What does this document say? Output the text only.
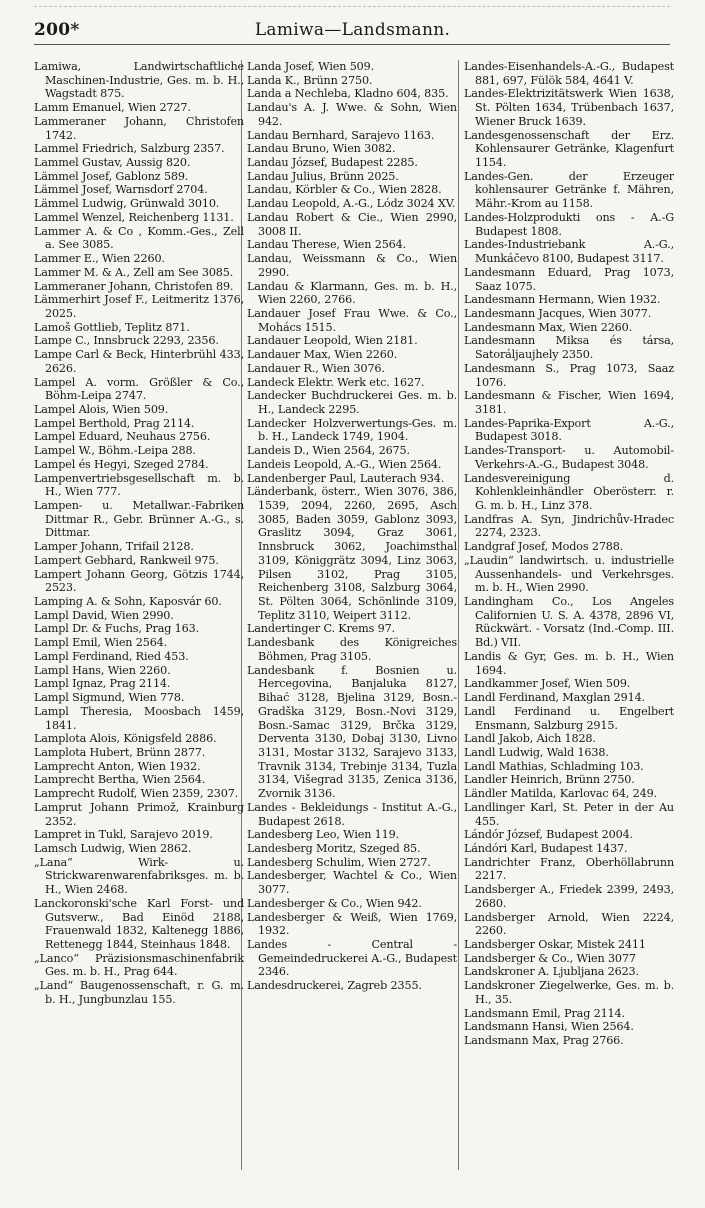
200*	Lamiwa—Landsmann.

Lamiwa, Landwirtschaftliche Maschinen-Industrie, Ges. m. b. H., Wagstadt 875.

Lamm Emanuel, Wien 2727.

Lammeraner Johann, Christofen 1742.

Lammel Friedrich, Salzburg 2357.

Lammel Gustav, Aussig 820.

Lämmel Josef, Gablonz 589.

Lämmel Josef, Warnsdorf 2704.

Lämmel Ludwig, Grünwald 3010.

Lammel Wenzel, Reichenberg 1131.

Lammer A. & Co , Komm.-Ges., Zell a. See 3085.

Lammer E., Wien 2260.

Lammer M. & A., Zell am See 3085.

Lammeraner Johann, Christofen 89.

Lämmerhirt Josef F., Leitmeritz 1376, 2025.

Lamoš Gottlieb, Teplitz 871.

Lampe C., Innsbruck 2293, 2356.

Lampe Carl & Beck, Hinterbrühl 433, 2626.

Lampel A. vorm. Größler & Co., Böhm-Leipa 2747.

Lampel Alois, Wien 509.

Lampel Berthold, Prag 2114.

Lampel Eduard, Neuhaus 2756.

Lampel W., Böhm.-Leipa 288.

Lampel és Hegyi, Szeged 2784.

Lampenvertriebsgesellschaft m. b. H., Wien 777.

Lampen- u. Metallwar.-Fabriken Dittmar R., Gebr. Brünner A.-G., s. Dittmar.

Lamper Johann, Trifail 2128.

Lampert Gebhard, Rankweil 975.

Lampert Johann Georg, Götzis 1744, 2523.

Lamping A. & Sohn, Kaposvár 60.

Lampl David, Wien 2990.

Lampl Dr. & Fuchs, Prag 163.

Lampl Emil, Wien 2564.

Lampl Ferdinand, Ried 453.

Lampl Hans, Wien 2260.

Lampl Ignaz, Prag 2114.

Lampl Sigmund, Wien 778.

Lampl Theresia, Moosbach 1459, 1841.

Lamplota Alois, Königsfeld 2886.

Lamplota Hubert, Brünn 2877.

Lamprecht Anton, Wien 1932.

Lamprecht Bertha, Wien 2564.

Lamprecht Rudolf, Wien 2359, 2307.

Lamprut Johann Primož, Krainburg 2352.

Lampret in Tukl, Sarajevo 2019.

Lamsch Ludwig, Wien 2862.

„Lana“ Wirk- u. Strickwarenwarenfabriksges. m. b. H., Wien 2468.

Lanckoronski'sche Karl Forst- und Gutsverw., Bad Einöd 2188, Frauenwald 1832, Kaltenegg 1886, Rettenegg 1844, Steinhaus 1848.

„Lanco“ Präzisionsmaschinenfabrik Ges. m. b. H., Prag 644.

„Land“ Baugenossenschaft, r. G. m. b. H., Jungbunzlau 155.

Landa Josef, Wien 509.

Landa K., Brünn 2750.

Landa a Nechleba, Kladno 604, 835.

Landau's A. J. Wwe. & Sohn, Wien 942.

Landau Bernhard, Sarajevo 1163.

Landau Bruno, Wien 3082.

Landau József, Budapest 2285.

Landau Julius, Brünn 2025.

Landau, Körbler & Co., Wien 2828.

Landau Leopold, A.-G., Lódz 3024 XV.

Landau Robert & Cie., Wien 2990, 3008 II.

Landau Therese, Wien 2564.

Landau, Weissmann & Co., Wien 2990.

Landau & Klarmann, Ges. m. b. H., Wien 2260, 2766.

Landauer Josef Frau Wwe. & Co., Mohács 1515.

Landauer Leopold, Wien 2181.

Landauer Max, Wien 2260.

Landauer R., Wien 3076.

Landeck Elektr. Werk etc. 1627.

Landecker Buchdruckerei Ges. m. b. H., Landeck 2295.

Landecker Holzverwertungs-Ges. m. b. H., Landeck 1749, 1904.

Landeis D., Wien 2564, 2675.

Landeis Leopold, A.-G., Wien 2564.

Landenberger Paul, Lauterach 934.

Länderbank, österr., Wien 3076, 386, 1539, 2094, 2260, 2695, Asch 3085, Baden 3059, Gablonz 3093, Graslitz 3094, Graz 3061, Innsbruck 3062, Joachimsthal 3109, Königgrätz 3094, Linz 3063, Pilsen 3102, Prag 3105, Reichenberg 3108, Salzburg 3064, St. Pölten 3064, Schönlinde 3109, Teplitz 3110, Weipert 3112.

Landertinger C. Krems 97.

Landesbank des Königreiches Böhmen, Prag 3105.

Landesbank f. Bosnien u. Hercegovina, Banjaluka 8127, Bihać 3128, Bjelina 3129, Bosn.-Gradška 3129, Bosn.-Novi 3129, Bosn.-Samac 3129, Brčka 3129, Derventa 3130, Dobaj 3130, Livno 3131, Mostar 3132, Sarajevo 3133, Travnik 3134, Trebinje 3134, Tuzla 3134, Višegrad 3135, Zenica 3136, Zvornik 3136.

Landes - Bekleidungs - Institut A.-G., Budapest 2618.

Landesberg Leo, Wien 119.

Landesberg Moritz, Szeged 85.

Landesberg Schulim, Wien 2727.

Landesberger, Wachtel & Co., Wien 3077.

Landesberger & Co., Wien 942.

Landesberger & Weiß, Wien 1769, 1932.

Landes - Central - Gemeindedruckerei A.-G., Budapest 2346.

Landesdruckerei, Zagreb 2355.

Landes-Eisenhandels-A.-G., Budapest 881, 697, Fülök 584, 4641 V.

Landes-Elektrizitätswerk Wien 1638, St. Pölten 1634, Trübenbach 1637, Wiener Bruck 1639.

Landesgenossenschaft der Erz. Kohlensaurer Getränke, Klagenfurt 1154.

Landes-Gen. der Erzeuger kohlensaurer Getränke f. Mähren, Mähr.-Krom au 1158.

Landes-Holzprodukti ons - A.-G Budapest 1808.

Landes-Industriebank A.-G., Munkáčevo 8100, Budapest 3117.

Landesmann Eduard, Prag 1073, Saaz 1075.

Landesmann Hermann, Wien 1932.

Landesmann Jacques, Wien 3077.

Landesmann Max, Wien 2260.

Landesmann Miksa és társa, Satoráljaujhely 2350.

Landesmann S., Prag 1073, Saaz 1076.

Landesmann & Fischer, Wien 1694, 3181.

Landes-Paprika-Export A.-G., Budapest 3018.

Landes-Transport- u. Automobil-Verkehrs-A.-G., Budapest 3048.

Landesvereinigung d. Kohlenkleinhändler Oberösterr. r. G. m. b. H., Linz 378.

Landfras A. Syn, Jindrichův-Hradec 2274, 2323.

Landgraf Josef, Modos 2788.

„Laudin“ landwirtsch. u. industrielle Aussenhandels- und Verkehrsges. m. b. H., Wien 2990.

Landingham Co., Los Angeles Californien U. S. A. 4378, 2896 VI, Rückwärt. - Vorsatz (Ind.-Comp. III. Bd.) VII.

Landis & Gyr, Ges. m. b. H., Wien 1694.

Landkammer Josef, Wien 509.

Landl Ferdinand, Maxglan 2914.

Landl Ferdinand u. Engelbert Ensmann, Salzburg 2915.

Landl Jakob, Aich 1828.

Landl Ludwig, Wald 1638.

Landl Mathias, Schladming 103.

Landler Heinrich, Brünn 2750.

Ländler Matilda, Karlovac 64, 249.

Landlinger Karl, St. Peter in der Au 455.

Lándór József, Budapest 2004.

Lándóri Karl, Budapest 1437.

Landrichter Franz, Oberhöllabrunn 2217.

Landsberger A., Friedek 2399, 2493, 2680.

Landsberger Arnold, Wien 2224, 2260.

Landsberger Oskar, Mistek 2411

Landsberger & Co., Wien 3077

Landskroner A. Ljubljana 2623.

Landskroner Ziegelwerke, Ges. m. b. H., 35.

Landsmann Emil, Prag 2114.

Landsmann Hansi, Wien 2564.

Landsmann Max, Prag 2766.
